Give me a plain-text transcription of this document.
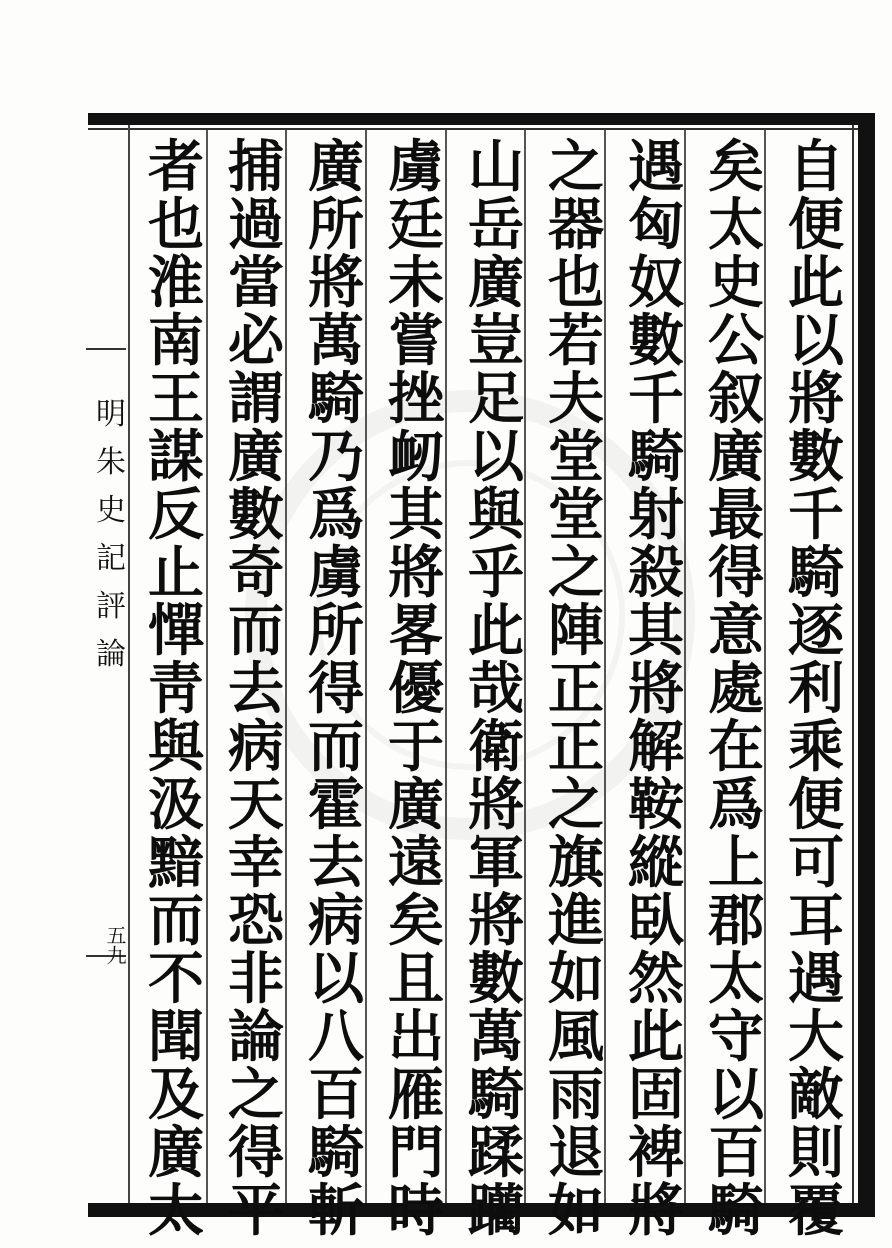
明
朱
史
記
評
論
五九
自
便
此
以
將
數
千
騎
逐
利
乘
便
可
耳
遇
大
敵
則
覆
矣
太
史
公
叙
廣
最
得
意
處
在
爲
上
郡
太
守
以
百
騎
遇
匈
奴
數
千
騎
射
殺
其
將
解
鞍
縱
臥
然
此
固
裨
將
之
器
也
若
夫
堂
堂
之
陣
正
正
之
旗
進
如
風
雨
退
如
山
岳
廣
豈
足
以
與
乎
此
哉
衛
將
軍
將
數
萬
騎
蹂
躪
虜
廷
未
嘗
挫
衂
其
將
畧
優
于
廣
遠
矣
且
出
雁
門
時
廣
所
將
萬
騎
乃
爲
虜
所
得
而
霍
去
病
以
八
百
騎
斬
捕
過
當
必
謂
廣
數
奇
而
去
病
天
幸
恐
非
論
之
得
平
者
也
淮
南
王
謀
反
止
憚
靑
與
汲
黯
而
不
聞
及
廣
太
